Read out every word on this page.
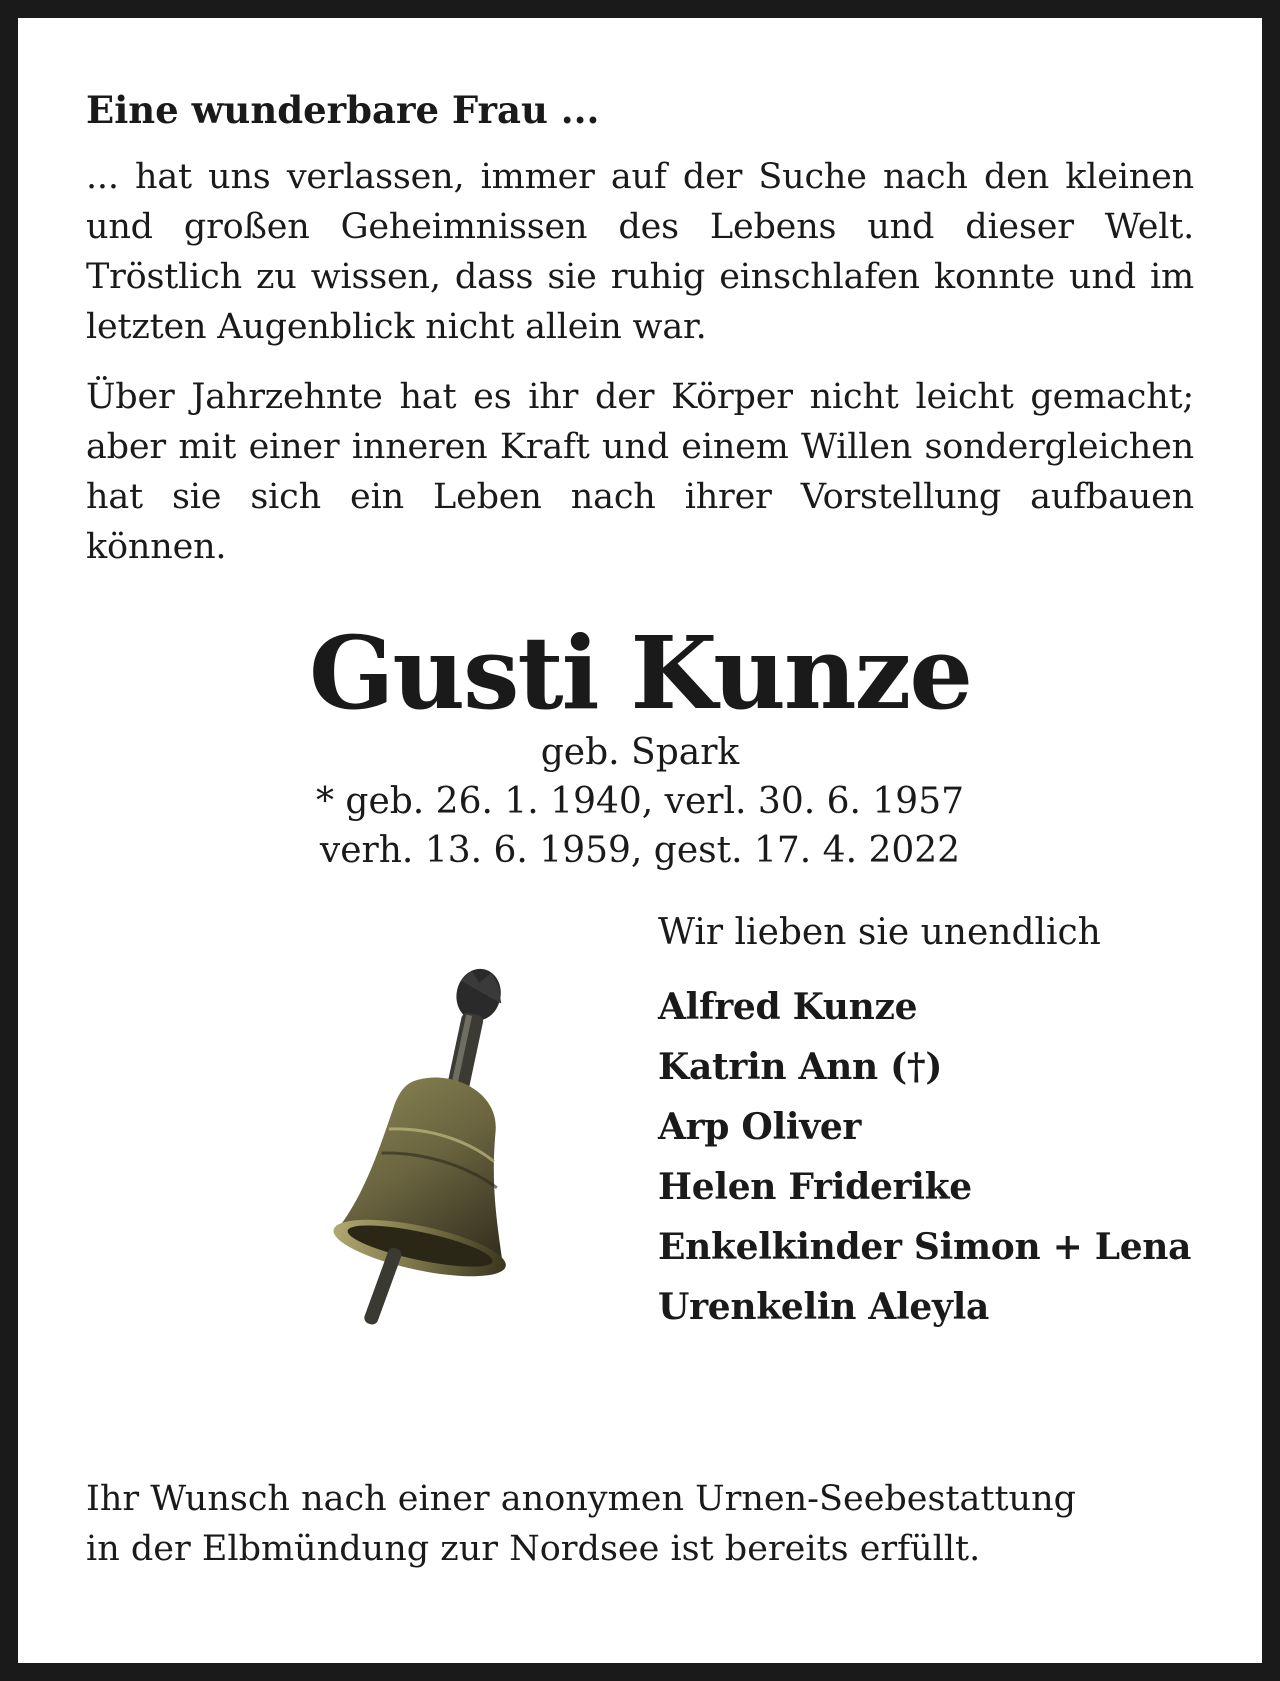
Eine wunderbare Frau ...

... hat uns verlassen, immer auf der Suche nach den kleinen und großen Geheimnissen des Lebens und dieser Welt. Tröstlich zu wissen, dass sie ruhig einschlafen konnte und im letzten Augenblick nicht allein war.

Über Jahrzehnte hat es ihr der Körper nicht leicht gemacht; aber mit einer inneren Kraft und einem Willen sondergleichen hat sie sich ein Leben nach ihrer Vorstellung aufbauen können.

Gusti Kunze

geb. Spark

* geb. 26. 1. 1940, verl. 30. 6. 1957

verh. 13. 6. 1959, gest. 17. 4. 2022

Wir lieben sie unendlich

Alfred Kunze

Katrin Ann (†)

Arp Oliver

Helen Friderike

Enkelkinder Simon + Lena

Urenkelin Aleyla

Ihr Wunsch nach einer anonymen Urnen-Seebestattung
in der Elbmündung zur Nordsee ist bereits erfüllt.
